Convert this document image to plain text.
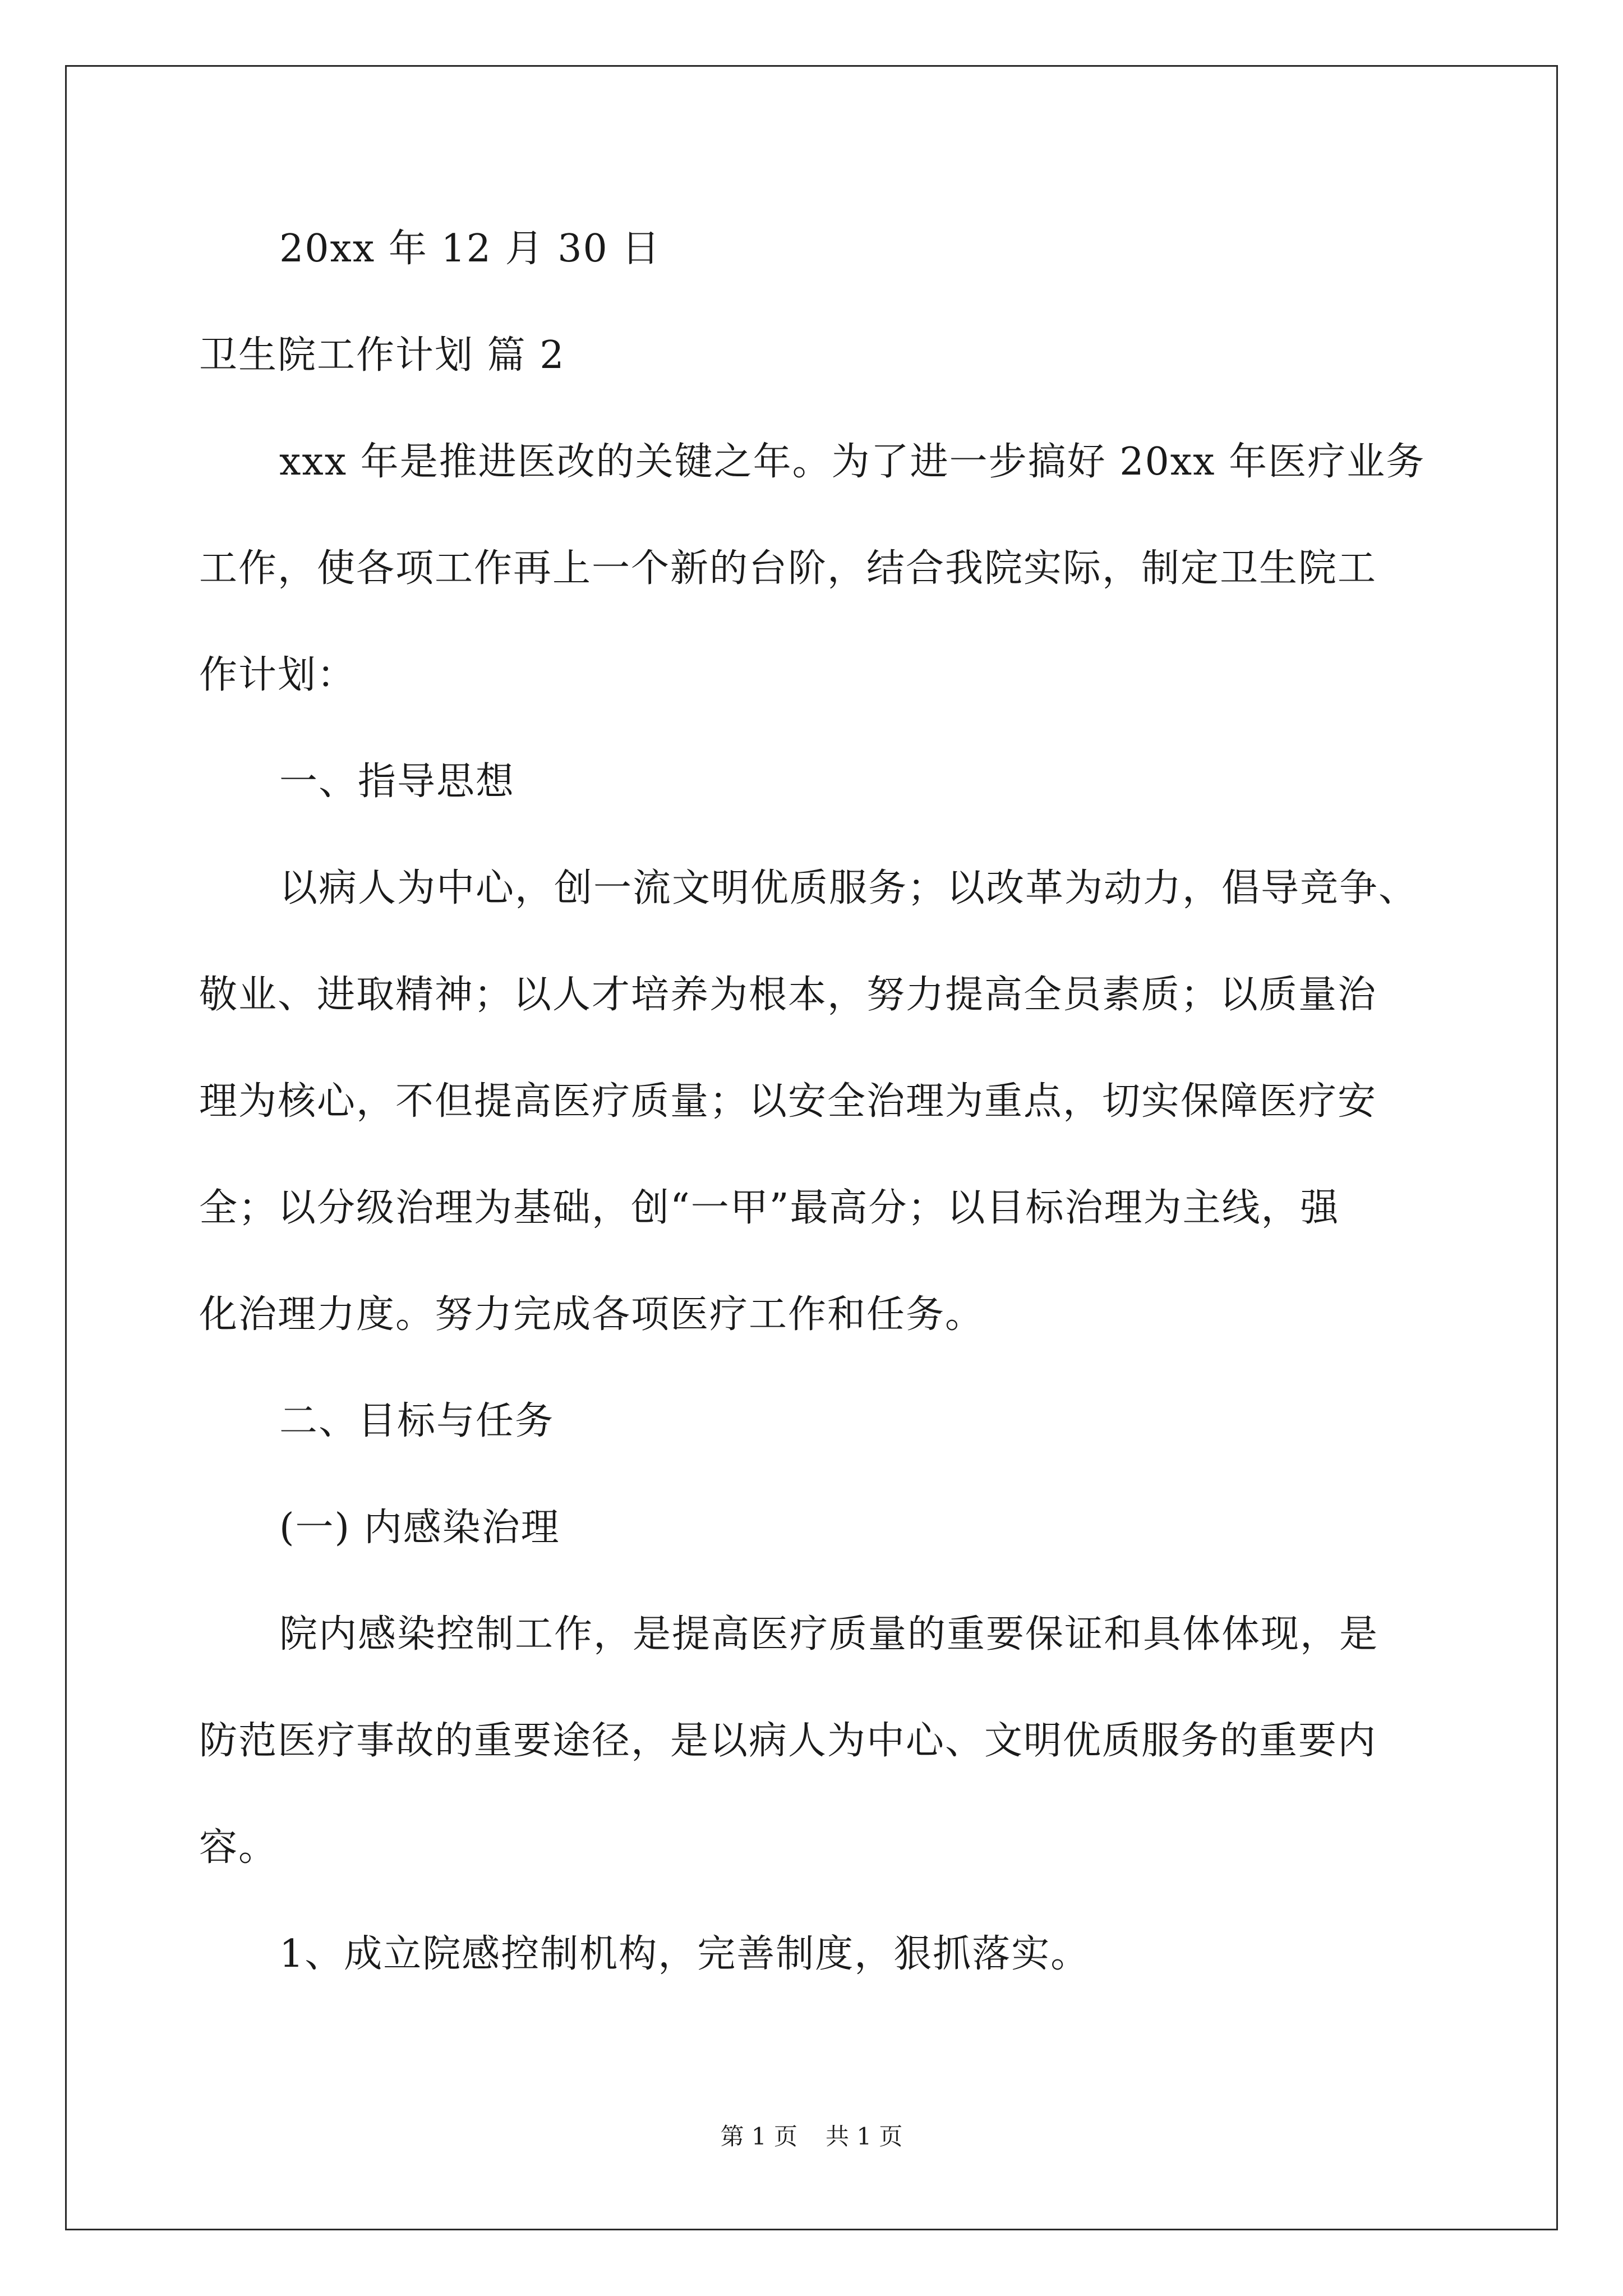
20xx 年 12 月 30 日
卫生院工作计划 篇 2
xxx 年是推进医改的关键之年。为了进一步搞好 20xx 年医疗业务
工作，使各项工作再上一个新的台阶，结合我院实际，制定卫生院工
作计划：
一、指导思想
以病人为中心，创一流文明优质服务；以改革为动力，倡导竞争、
敬业、进取精神；以人才培养为根本，努力提高全员素质；以质量治
理为核心，不但提高医疗质量；以安全治理为重点，切实保障医疗安
全；以分级治理为基础，创“一甲”最高分；以目标治理为主线，强
化治理力度。努力完成各项医疗工作和任务。
二、目标与任务
(一) 内感染治理
院内感染控制工作，是提高医疗质量的重要保证和具体体现，是
防范医疗事故的重要途径，是以病人为中心、文明优质服务的重要内
容。
1、成立院感控制机构，完善制度，狠抓落实。
第 1 页 共 1 页
